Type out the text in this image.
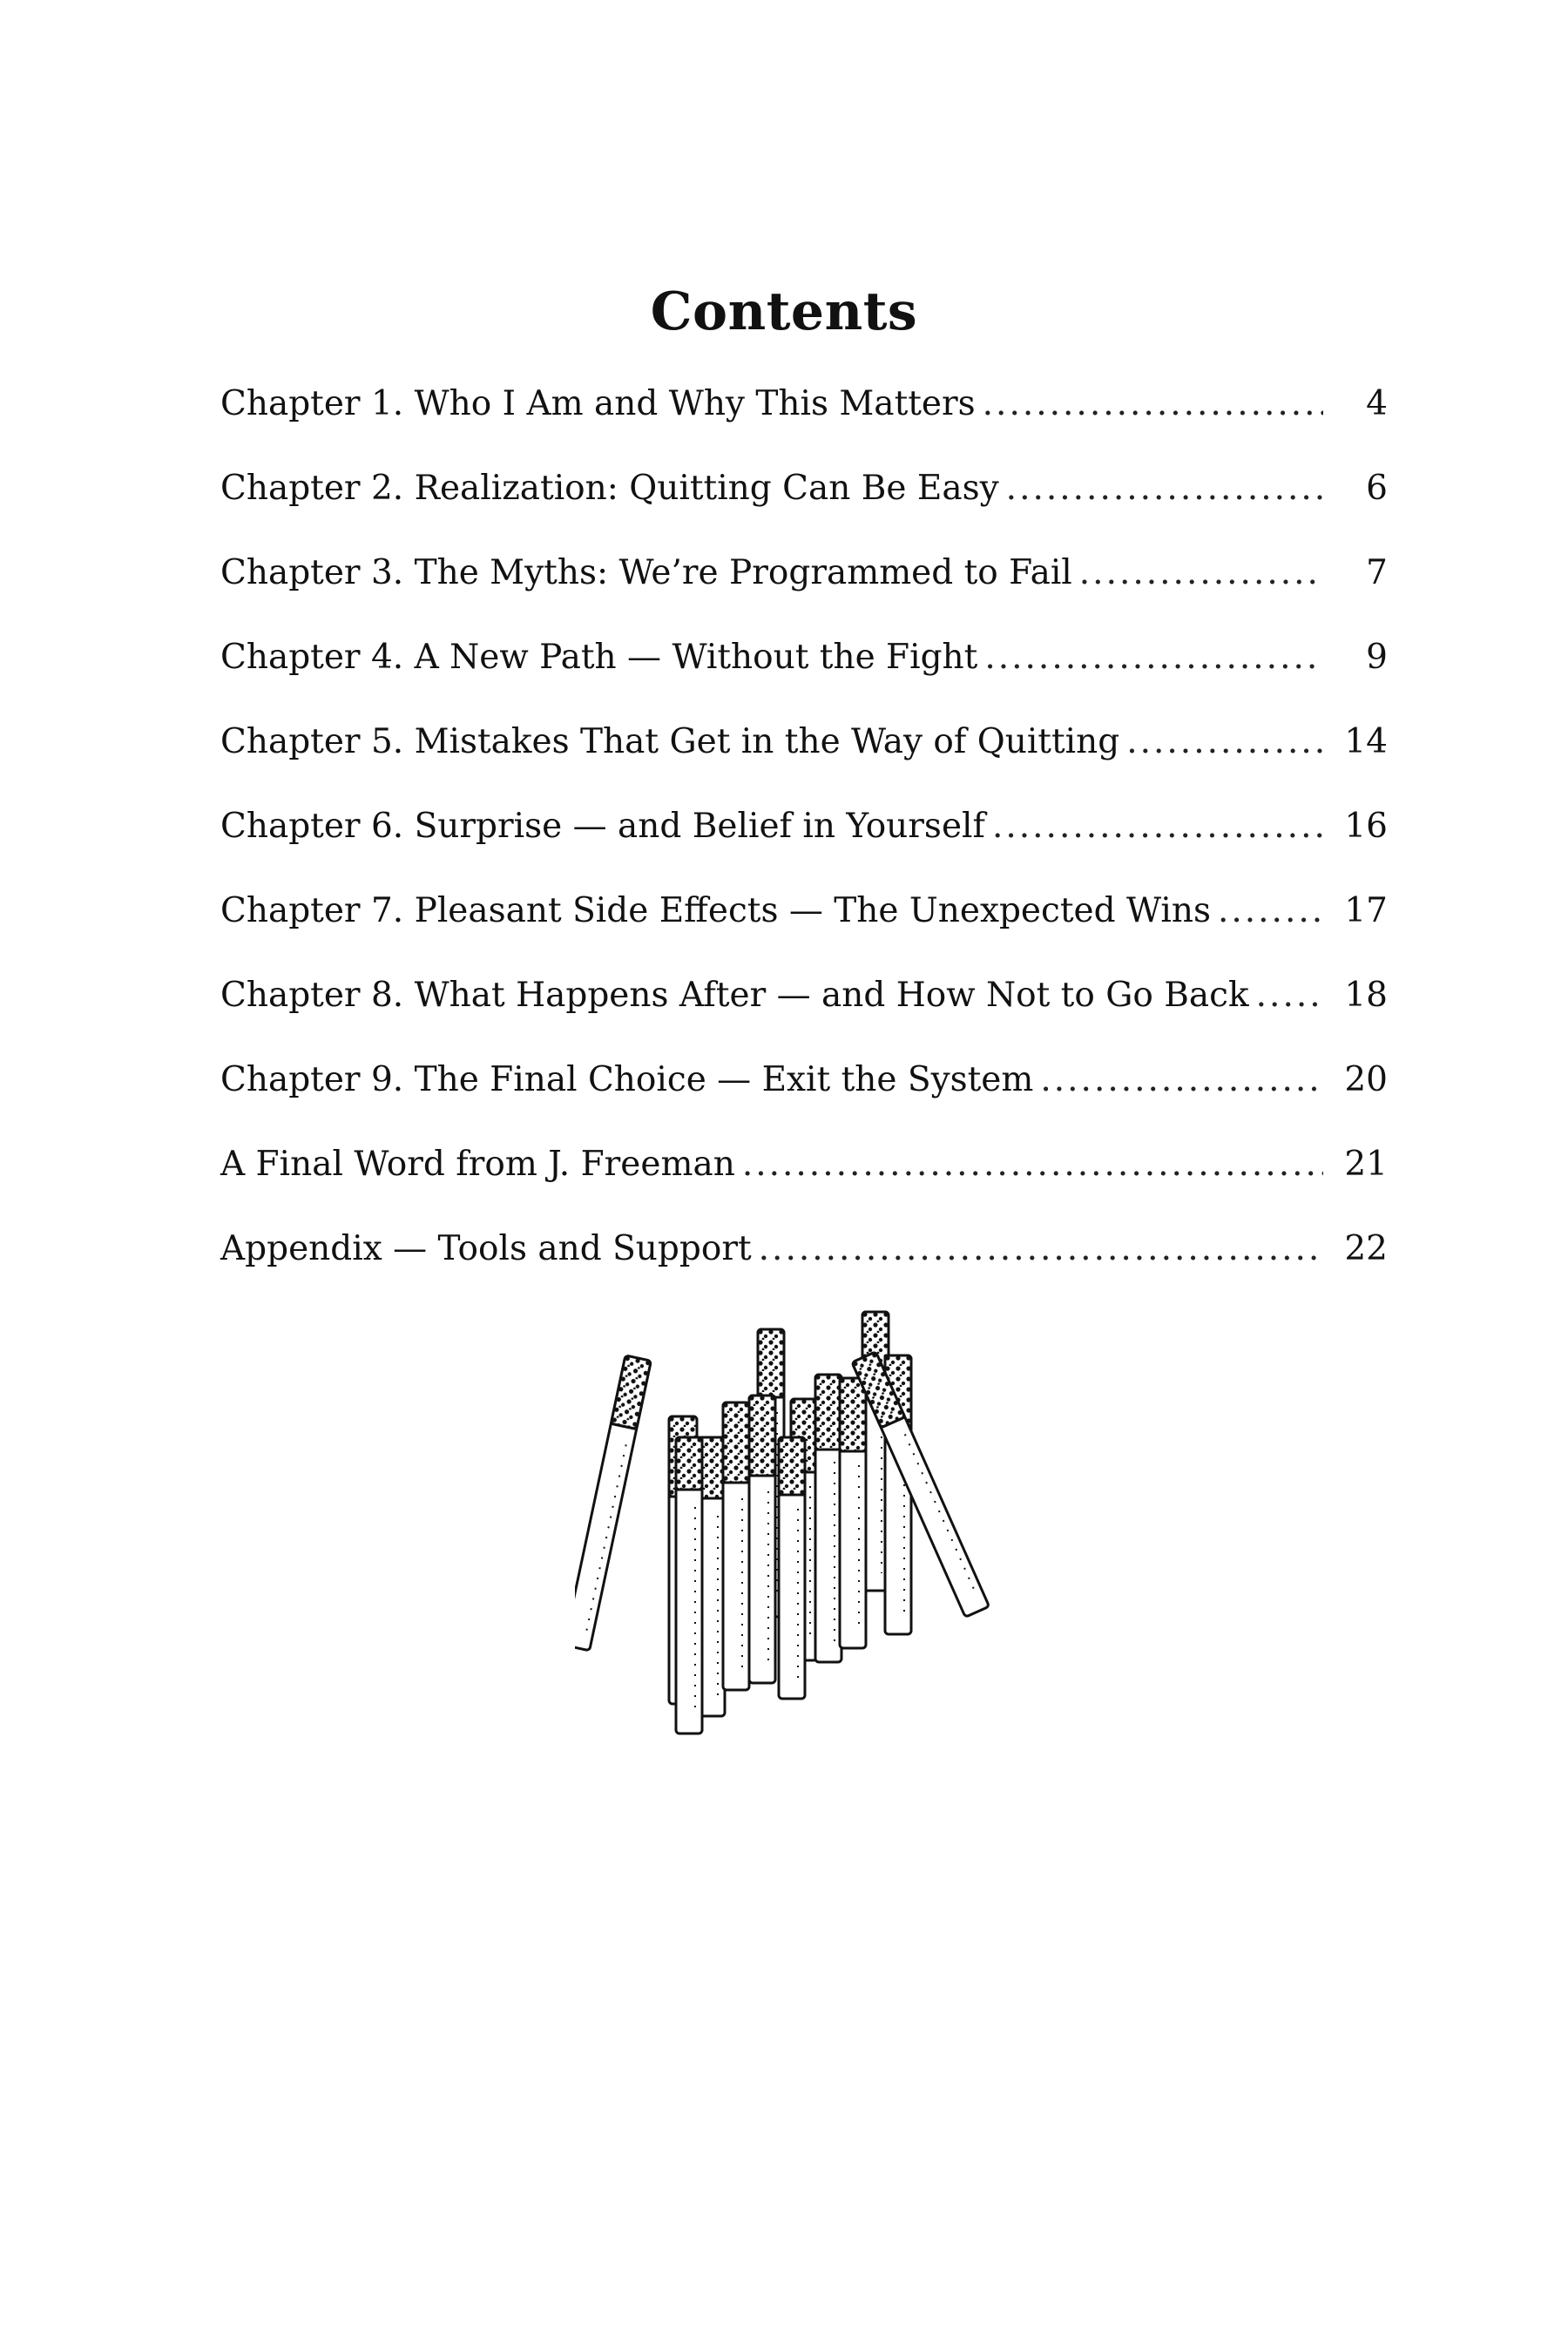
Contents
Chapter 1. Who I Am and Why This Matters .....	4
Chapter 2. Realization: Quitting Can Be Easy .....	6
Chapter 3. The Myths: We’re Programmed to Fail .....	7
Chapter 4. A New Path — Without the Fight .....	9
Chapter 5. Mistakes That Get in the Way of Quitting .....	14
Chapter 6. Surprise — and Belief in Yourself .....	16
Chapter 7. Pleasant Side Effects — The Unexpected Wins .....	17
Chapter 8. What Happens After — and How Not to Go Back .....	18
Chapter 9. The Final Choice — Exit the System .....	20
A Final Word from J. Freeman .....	21
Appendix — Tools and Support .....	22
